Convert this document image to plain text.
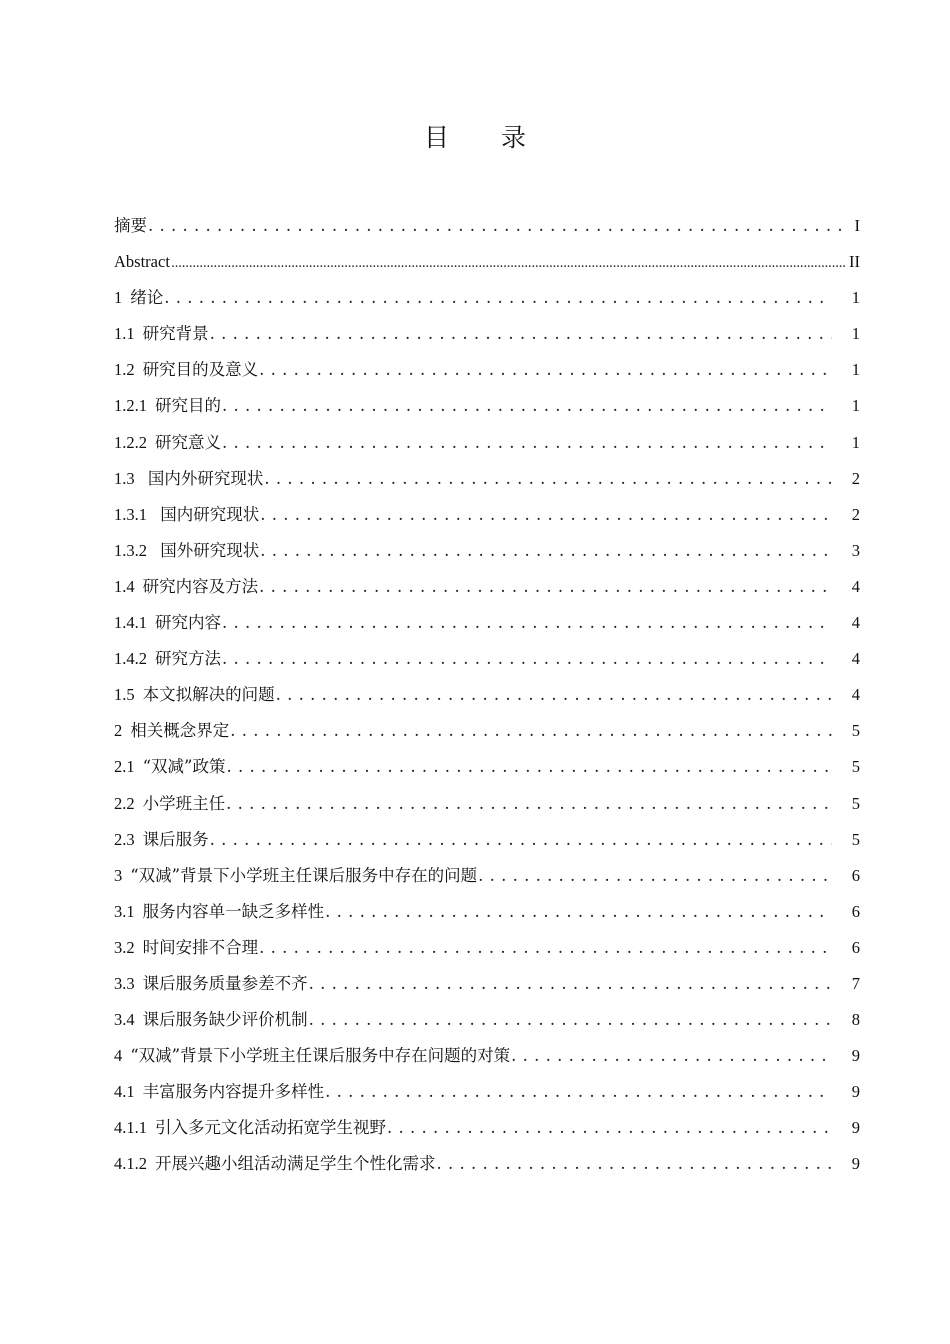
目 录
摘要 . . .	I
Abstract .....	II
1 绪论 . . .	1
1.1 研究背景 . . .	1
1.2 研究目的及意义 . . .	1
1.2.1 研究目的 . . .	1
1.2.2 研究意义 . . .	1
1.3 国内外研究现状 . . .	2
1.3.1 国内研究现状 . . .	2
1.3.2 国外研究现状 . . .	3
1.4 研究内容及方法 . . .	4
1.4.1 研究内容 . . .	4
1.4.2 研究方法 . . .	4
1.5 本文拟解决的问题 . . .	4
2 相关概念界定 . . .	5
2.1 “双减”政策 . . .	5
2.2 小学班主任 . . .	5
2.3 课后服务 . . .	5
3 “双减”背景下小学班主任课后服务中存在的问题 . . .	6
3.1 服务内容单一缺乏多样性 . . .	6
3.2 时间安排不合理 . . .	6
3.3 课后服务质量参差不齐 . . .	7
3.4 课后服务缺少评价机制 . . .	8
4 “双减”背景下小学班主任课后服务中存在问题的对策 . . .	9
4.1 丰富服务内容提升多样性 . . .	9
4.1.1 引入多元文化活动拓宽学生视野 . . .	9
4.1.2 开展兴趣小组活动满足学生个性化需求 . . .	9
